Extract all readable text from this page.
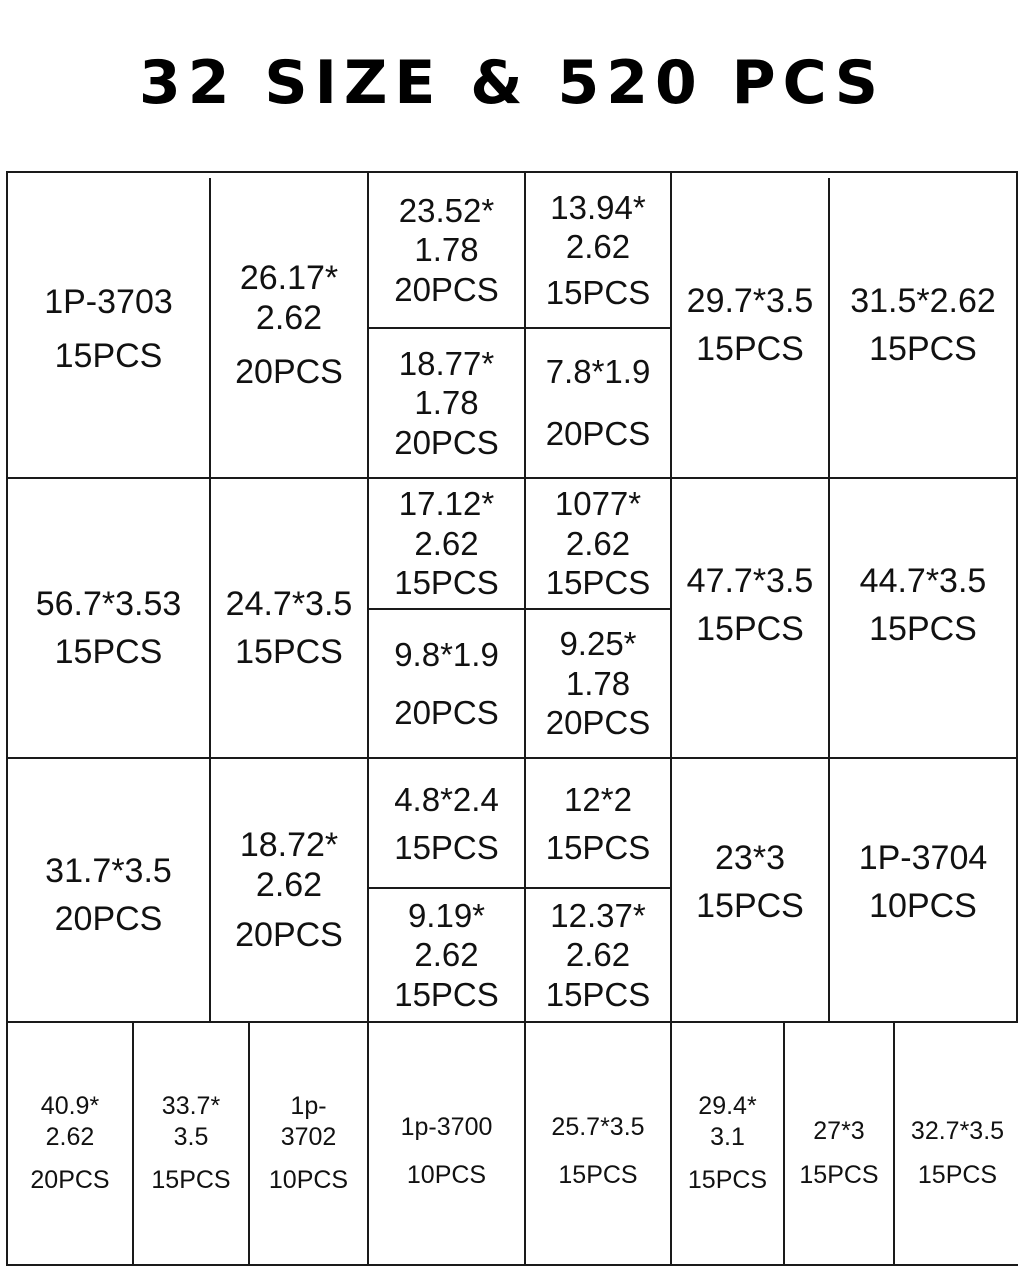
32 SIZE & 520 PCS
1P-3703
15PCS
26.17*
2.62
20PCS
23.52*
1.78
20PCS
18.77*
1.78
20PCS
13.94*
2.62
15PCS
7.8*1.9
20PCS
29.7*3.5
15PCS
31.5*2.62
15PCS
56.7*3.53
15PCS
24.7*3.5
15PCS
17.12*
2.62
15PCS
9.8*1.9
20PCS
1077*
2.62
15PCS
9.25*
1.78
20PCS
47.7*3.5
15PCS
44.7*3.5
15PCS
31.7*3.5
20PCS
18.72*
2.62
20PCS
4.8*2.4
15PCS
9.19*
2.62
15PCS
12*2
15PCS
12.37*
2.62
15PCS
23*3
15PCS
1P-3704
10PCS
40.9*
2.62
20PCS
33.7*
3.5
15PCS
1p-
3702
10PCS
1p-3700
10PCS
25.7*3.5
15PCS
29.4*
3.1
15PCS
27*3
15PCS
32.7*3.5
15PCS
